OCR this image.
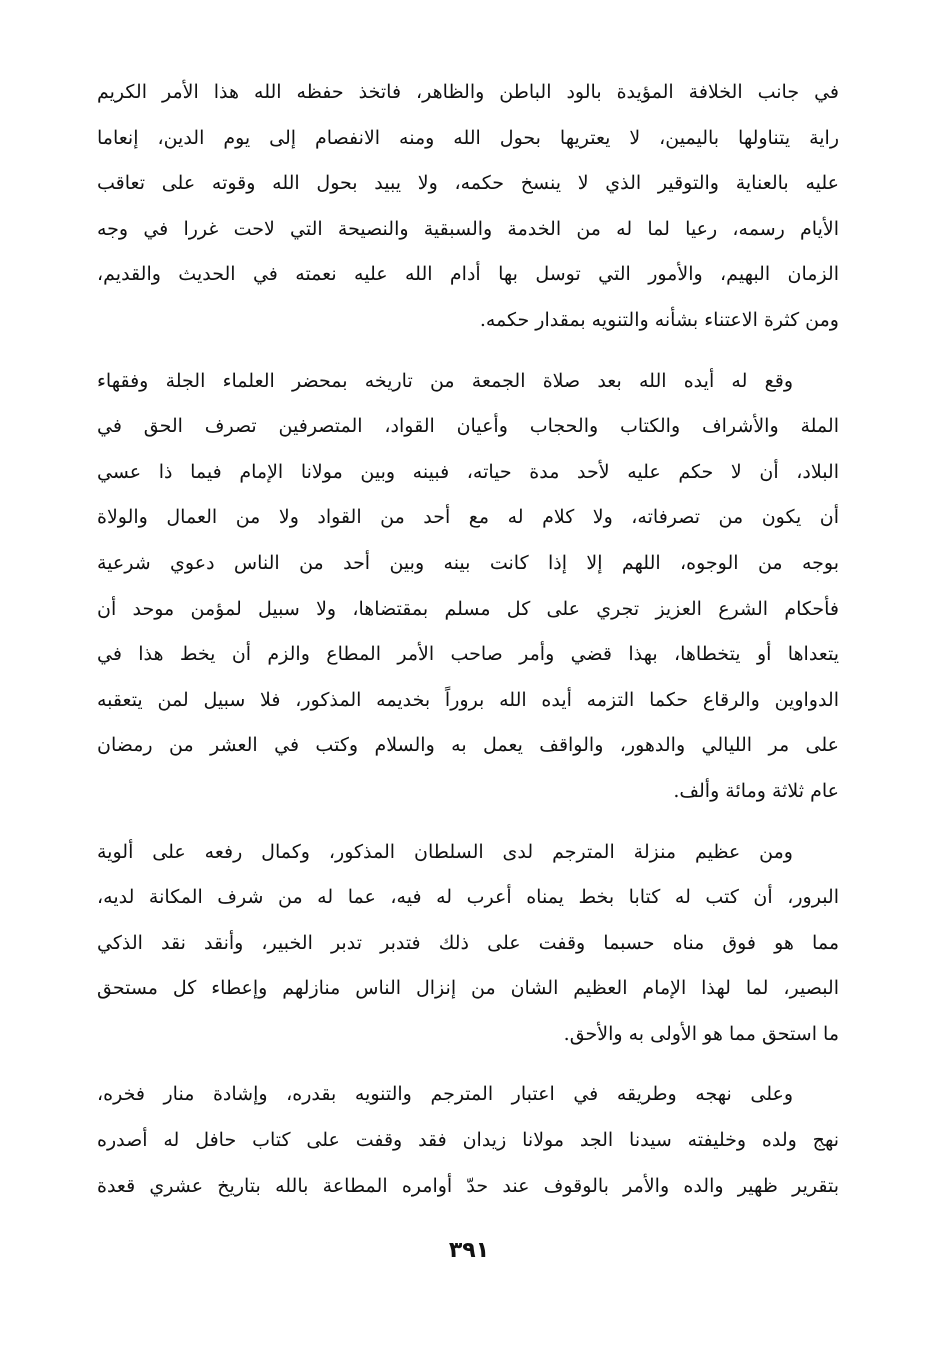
في جانب الخلافة المؤيدة بالود الباطن والظاهر، فاتخذ حفظه الله هذا الأمر الكريم
راية يتناولها باليمين، لا يعتريها بحول الله ومنه الانفصام إلى يوم الدين، إنعاما
عليه بالعناية والتوقير الذي لا ينسخ حكمه، ولا يبيد بحول الله وقوته على تعاقب
الأيام رسمه، رعيا لما له من الخدمة والسبقية والنصيحة التي لاحت غررا في وجه
الزمان البهيم، والأمور التي توسل بها أدام الله عليه نعمته في الحديث والقديم،
ومن كثرة الاعتناء بشأنه والتنويه بمقدار حكمه.
وقع له أيده الله بعد صلاة الجمعة من تاريخه بمحضر العلماء الجلة وفقهاء
الملة والأشراف والكتاب والحجاب وأعيان القواد، المتصرفين تصرف الحق في
البلاد، أن لا حكم عليه لأحد مدة حياته، فبينه وبين مولانا الإمام فيما ذا عسي
أن يكون من تصرفاته، ولا كلام له مع أحد من القواد ولا من العمال والولاة
بوجه من الوجوه، اللهم إلا إذا كانت بينه وبين أحد من الناس دعوي شرعية
فأحكام الشرع العزيز تجري على كل مسلم بمقتضاها، ولا سبيل لمؤمن موحد أن
يتعداها أو يتخطاها، بهذا قضي وأمر صاحب الأمر المطاع والزم أن يخط هذا في
الدواوين والرقاع حكما التزمه أيده الله بروراً بخديمه المذكور، فلا سبيل لمن يتعقبه
على مر الليالي والدهور، والواقف يعمل به والسلام وكتب في العشر من رمضان
عام ثلاثة ومائة وألف.
ومن عظيم منزلة المترجم لدى السلطان المذكور، وكمال رفعه على ألوية
البرور، أن كتب له كتابا بخط يمناه أعرب له فيه، عما له من شرف المكانة لديه،
مما هو فوق مناه حسبما وقفت على ذلك فتدبر تدبر الخبير، وأنقد نقد الذكي
البصير، لما لهذا الإمام العظيم الشان من إنزال الناس منازلهم وإعطاء كل مستحق
ما استحق مما هو الأولى به والأحق.
وعلى نهجه وطريقه في اعتبار المترجم والتنويه بقدره، وإشادة منار فخره،
نهج ولده وخليفته سيدنا الجد مولانا زيدان فقد وقفت على كتاب حافل له أصدره
بتقرير ظهير والده والأمر بالوقوف عند حدّ أوامره المطاعة بالله بتاريخ عشري قعدة
٣٩١
